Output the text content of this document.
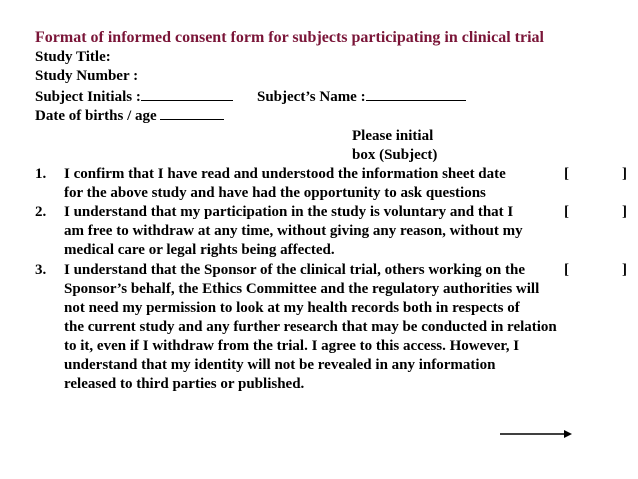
Format of informed consent form for subjects participating in clinical trial
Study Title:
Study Number :
Subject Initials :	Subject’s Name :
Date of births / age
Please initial
box (Subject)
1. I confirm that I have read and understood the information sheet date
for the above study and have had the opportunity to ask questions
[	]
2. I understand that my participation in the study is voluntary and that I
am free to withdraw at any time, without giving any reason, without my
medical care or legal rights being affected.
[	]
3. I understand that the Sponsor of the clinical trial, others working on the
Sponsor’s behalf, the Ethics Committee and the regulatory authorities will
not need my permission to look at my health records both in respects of
the current study and any further research that may be conducted in relation
to it, even if I withdraw from the trial. I agree to this access. However, I
understand that my identity will not be revealed in any information
released to third parties or published.
[	]
